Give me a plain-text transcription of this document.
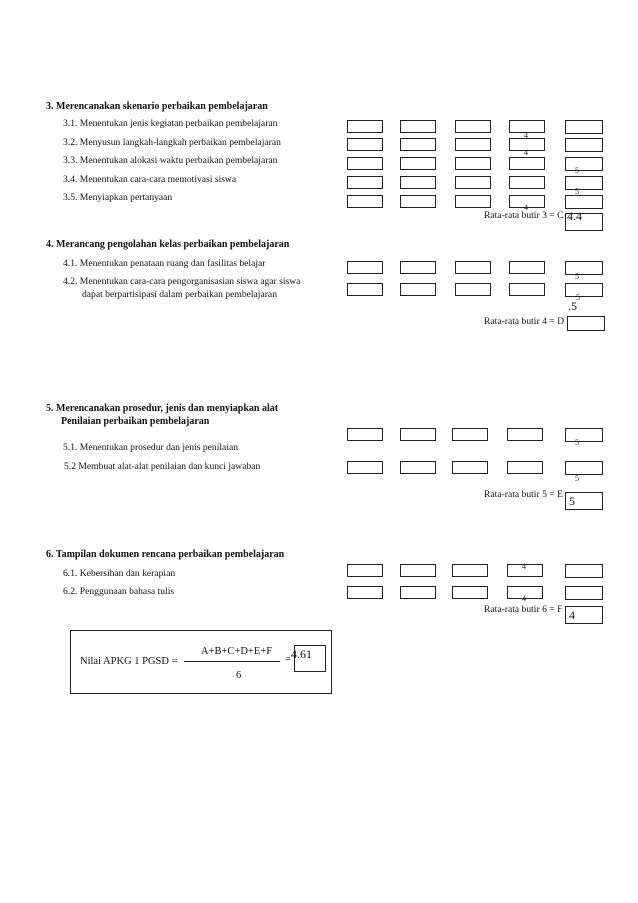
3. Merencanakan skenario perbaikan pembelajaran
3.1. Menentukan jenis kegiatan perbaikan pembelajaran
3.2. Menyusun langkah-langkah perbaikan pembelajaran
3.3. Menentukan alokasi waktu perbaikan pembelajaran
3.4. Menentukan cara-cara memotivasi siswa
3.5. Menyiapkan pertanyaan
4
4
5
5
4
Rata-rata butir 3 = C 4.4
4. Merancang pengolahan kelas perbaikan pembelajaran
4.1. Menentukan penataan ruang dan fasilitas belajar
4.2. Menentukan cara-cara pengorganisasian siswa agar siswa
dapat berpartisipasi dalam perbaikan pembelajaran
5
5
Rata-rata butir 4 = D
.5
5. Merencanakan prosedur, jenis dan menyiapkan alat
Penilaian perbaikan pembelajaran
5.1. Menentukan prosedur dan jenis penilaian
5.2 Membuat alat-alat penilaian dan kunci jawaban
5
5
Rata-rata butir 5 = E 5
6. Tampilan dokumen rencana perbaikan pembelajaran
6.1. Kebersihan dan kerapian
6.2. Penggunaan bahasa tulis
4
4
Rata-rata butir 6 = F 4
Nilai APKG 1 PGSD =
A+B+C+D+E+F
6
= 4.61
